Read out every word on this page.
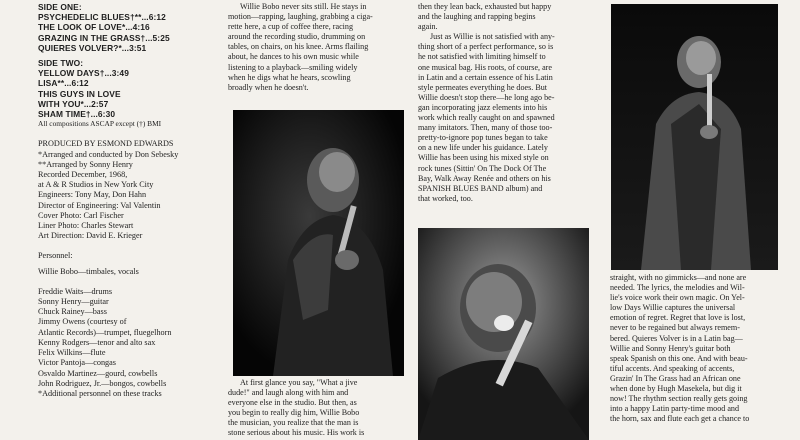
SIDE ONE:
PSYCHEDELIC BLUES†**...6:12
THE LOOK OF LOVE*...4:16
GRAZING IN THE GRASS†...5:25
QUIERES VOLVER?*...3:51
SIDE TWO:
YELLOW DAYS†...3:49
LISA**...6:12
THIS GUYS IN LOVE
WITH YOU*...2:57
SHAM TIME†...6:30
All compositions ASCAP except (†) BMI
PRODUCED BY ESMOND EDWARDS
*Arranged and conducted by Don Sebesky
**Arranged by Sonny Henry
Recorded December, 1968,
at A & R Studios in New York City
Engineers: Tony May, Don Hahn
Director of Engineering: Val Valentin
Cover Photo: Carl Fischer
Liner Photo: Charles Stewart
Art Direction: David E. Krieger
Personnel:
Willie Bobo—timbales, vocals
Freddie Waits—drums
Sonny Henry—guitar
Chuck Rainey—bass
Jimmy Owens (courtesy of
Atlantic Records)—trumpet, fluegelhorn
Kenny Rodgers—tenor and alto sax
Felix Wilkins—flute
Victor Pantoja—congas
Osvaldo Martinez—gourd, cowbells
John Rodriguez, Jr.—bongos, cowbells
*Additional personnel on these tracks
Willie Bobo never sits still. He stays in
motion—rapping, laughing, grabbing a ciga-
rette here, a cup of coffee there, racing
around the recording studio, drumming on
tables, on chairs, on his knee. Arms flailing
about, he dances to his own music while
listening to a playback—smiling widely
when he digs what he hears, scowling
broadly when he doesn't.
At first glance you say, "What a jive
dude!" and laugh along with him and
everyone else in the studio. But then, as
you begin to really dig him, Willie Bobo
the musician, you realize that the man is
stone serious about his music. His work is
then they lean back, exhausted but happy
and the laughing and rapping begins
again.
Just as Willie is not satisfied with any-
thing short of a perfect performance, so is
he not satisfied with limiting himself to
one musical bag. His roots, of course, are
in Latin and a certain essence of his Latin
style permeates everything he does. But
Willie doesn't stop there—he long ago be-
gan incorporating jazz elements into his
work which really caught on and spawned
many imitators. Then, many of those too-
pretty-to-ignore pop tunes began to take
on a new life under his guidance. Lately
Willie has been using his mixed style on
rock tunes (Sittin' On The Dock Of The
Bay, Walk Away Renée and others on his
SPANISH BLUES BAND album) and
that worked, too.
straight, with no gimmicks—and none are
needed. The lyrics, the melodies and Wil-
lie's voice work their own magic. On Yel-
low Days Willie captures the universal
emotion of regret. Regret that love is lost,
never to be regained but always remem-
bered. Quieres Volver is in a Latin bag—
Willie and Sonny Henry's guitar both
speak Spanish on this one. And with beau-
tiful accents. And speaking of accents,
Grazin' In The Grass had an African one
when done by Hugh Masekela, but dig it
now! The rhythm section really gets going
into a happy Latin party-time mood and
the horn, sax and flute each get a chance to
